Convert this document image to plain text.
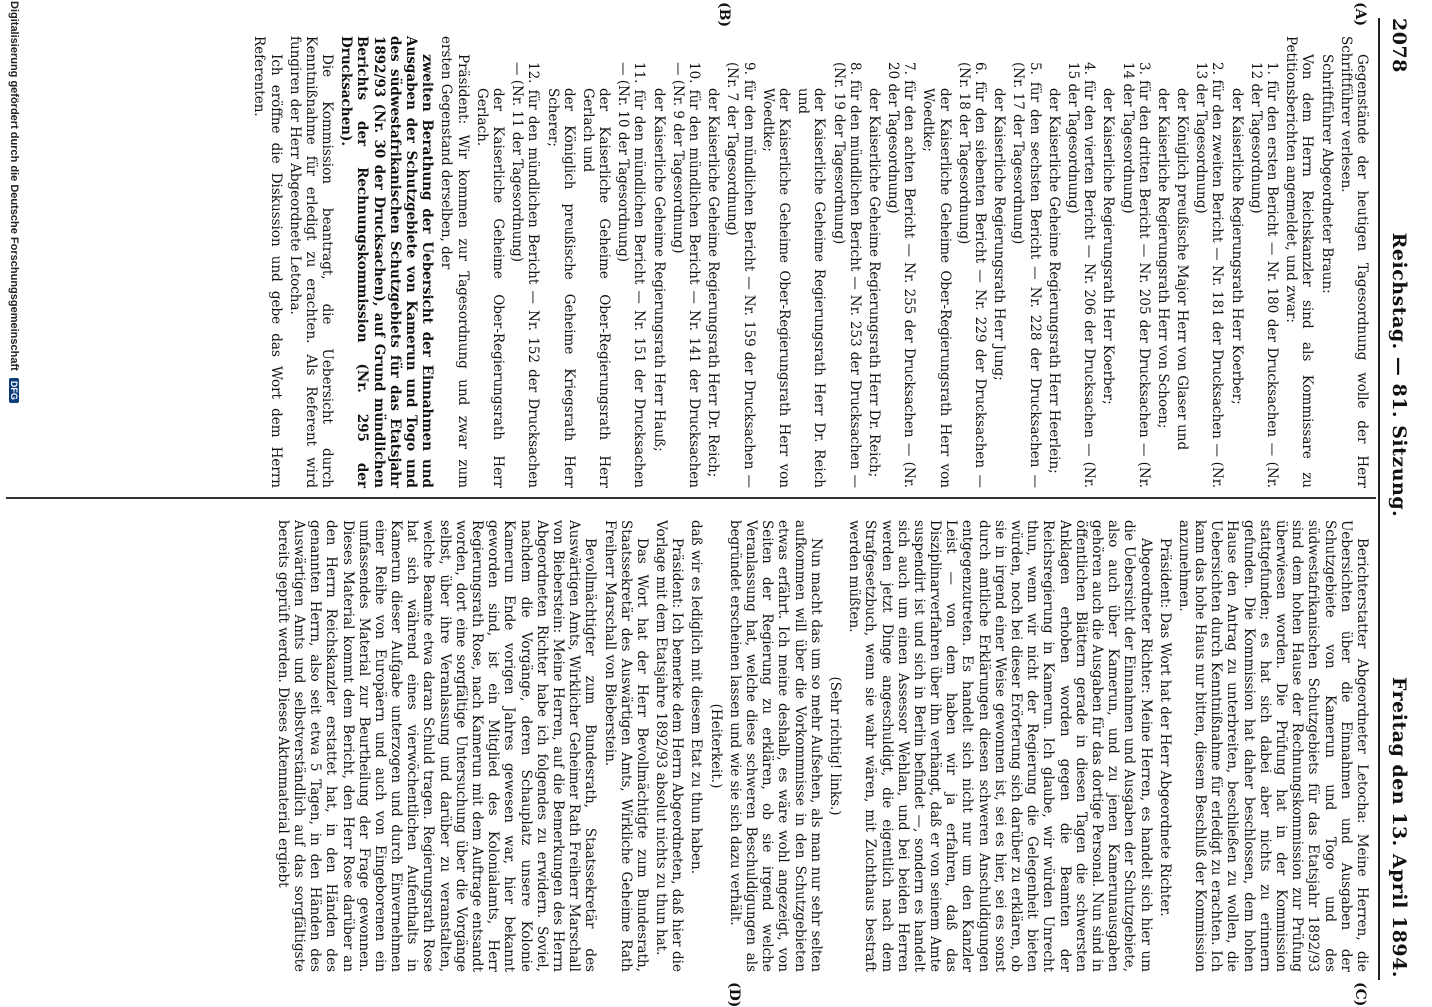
2078
Reichstag. — 81. Sitzung.
Freitag den 13. April 1894.
(A)
(B)
(C)
(D)

Gegenstände der heutigen Tagesordnung wolle der Herr Schriftführer verlesen.

Schriftführer Abgeordneter Braun:

Von dem Herrn Reichskanzler sind als Kommissare zu Petitionsberichten angemeldet, und zwar:

1. für den ersten Bericht — Nr. 180 der Drucksachen — (Nr. 12 der Tagesordnung)

der Kaiserliche Regierungsrath Herr Koerber;

2. für den zweiten Bericht — Nr. 181 der Drucksachen — (Nr. 13 der Tagesordnung)

der Königlich preußische Major Herr von Glaser und

der Kaiserliche Regierungsrath Herr von Schoen;

3. für den dritten Bericht — Nr. 205 der Drucksachen — (Nr. 14 der Tagesordnung)

der Kaiserliche Regierungsrath Herr Koerber;

4. für den vierten Bericht — Nr. 206 der Drucksachen — (Nr. 15 der Tagesordnung)

der Kaiserliche Geheime Regierungsrath Herr Heerlein;

5. für den sechsten Bericht — Nr. 228 der Drucksachen — (Nr. 17 der Tagesordnung)

der Kaiserliche Regierungsrath Herr Jung;

6. für den siebenten Bericht — Nr. 229 der Drucksachen — (Nr. 18 der Tagesordnung)

der Kaiserliche Geheime Ober-Regierungsrath Herr von Woedtke;

7. für den achten Bericht — Nr. 255 der Drucksachen — (Nr. 20 der Tagesordnung)

der Kaiserliche Geheime Regierungsrath Herr Dr. Reich;

8. für den mündlichen Bericht — Nr. 253 der Drucksachen — (Nr. 19 der Tagesordnung)

der Kaiserliche Geheime Regierungsrath Herr Dr. Reich und

der Kaiserliche Geheime Ober-Regierungsrath Herr von Woedtke;

9. für den mündlichen Bericht — Nr. 159 der Drucksachen — (Nr. 7 der Tagesordnung)

der Kaiserliche Geheime Regierungsrath Herr Dr. Reich;

10. für den mündlichen Bericht — Nr. 141 der Drucksachen — (Nr. 9 der Tagesordnung)

der Kaiserliche Geheime Regierungsrath Herr Hauß;

11. für den mündlichen Bericht — Nr. 151 der Drucksachen — (Nr. 10 der Tagesordnung)

der Kaiserliche Geheime Ober-Regierungsrath Herr Gerlach und

der Königlich preußische Geheime Kriegsrath Herr Scherer;

12. für den mündlichen Bericht — Nr. 152 der Drucksachen — (Nr. 11 der Tagesordnung)

der Kaiserliche Geheime Ober-Regierungsrath Herr Gerlach.

Präsident: Wir kommen zur Tagesordnung und zwar zum ersten Gegenstand derselben, der

zweiten Berathung der Uebersicht der Einnahmen und Ausgaben der Schutzgebiete von Kamerun und Togo und des südwestafrikanischen Schutzgebiets für das Etatsjahr 1892/93 (Nr. 30 der Drucksachen), auf Grund mündlichen Berichts der Rechnungskommission (Nr. 295 der Drucksachen).

Die Kommission beantragt, die Uebersicht durch Kenntnißnahme für erledigt zu erachten. Als Referent wird fungiren der Herr Abgeordnete Letocha.

Ich eröffne die Diskussion und gebe das Wort dem Herrn Referenten.

Berichterstatter Abgeordneter Letocha: Meine Herren, die Uebersichten über die Einnahmen und Ausgaben der Schutzgebiete von Kamerun und Togo und des südwestafrikanischen Schutzgebiets für das Etatsjahr 1892/93 sind dem hohen Hause der Rechnungskommission zur Prüfung überwiesen worden. Die Prüfung hat in der Kommission stattgefunden; es hat sich dabei aber nichts zu erinnern gefunden. Die Kommission hat daher beschlossen, dem hohen Hause den Antrag zu unterbreiten, beschließen zu wollen, die Uebersichten durch Kenntnißnahme für erledigt zu erachten. Ich kann das hohe Haus nur bitten, diesem Beschluß der Kommission anzunehmen.

Präsident: Das Wort hat der Herr Abgeordnete Richter.

Abgeordneter Richter: Meine Herren, es handelt sich hier um die Uebersicht der Einnahmen und Ausgaben der Schutzgebiete, also auch über Kamerun, und zu jenen Kamerunausgaben gehören auch die Ausgaben für das dortige Personal. Nun sind in öffentlichen Blättern gerade in diesen Tagen die schwersten Anklagen erhoben worden gegen die Beamten der Reichsregierung in Kamerun. Ich glaube, wir würden Unrecht thun, wenn wir nicht der Regierung die Gelegenheit bieten würden, noch bei dieser Erörterung sich darüber zu erklären, ob sie in irgend einer Weise gewonnen ist, sei es hier, sei es sonst durch amtliche Erklärungen diesen schweren Anschuldigungen entgegenzutreten. Es handelt sich nicht nur um den Kanzler Leist — von dem haben wir ja erfahren, daß das Disziplinarverfahren über ihn verhängt, daß er von seinem Amte suspendirt ist und sich in Berlin befindet —, sondern es handelt sich auch um einen Assessor Wehlan, und bei beiden Herren werden jetzt Dinge angeschuldigt, die eigentlich nach dem Strafgesetzbuch, wenn sie wahr wären, mit Zuchthaus bestraft werden müßten.

(Sehr richtig! links.)

Nun macht das um so mehr Aufsehen, als man nur sehr selten aufkommen will über die Vorkommnisse in den Schutzgebieten etwas erfährt. Ich meine deshalb, es wäre wohl angezeigt, von Seiten der Regierung zu erklären, ob sie irgend welche Veranlassung hat, welche diese schweren Beschuldigungen als begründet erscheinen lassen und wie sie sich dazu verhält.

(Heiterkeit.)

daß wir es lediglich mit diesem Etat zu thun haben.

Präsident: Ich bemerke dem Herrn Abgeordneten, daß hier die Vorlage mit dem Etatsjahre 1892/93 absolut nichts zu thun hat.

Das Wort hat der Herr Bevollmächtigte zum Bundesrath, Staatssekretär des Auswärtigen Amts, Wirkliche Geheime Rath Freiherr Marschall von Bieberstein.

Bevollmächtigter zum Bundesrath, Staatssekretär des Auswärtigen Amts, Wirklicher Geheimer Rath Freiherr Marschall von Bieberstein: Meine Herren, auf die Bemerkungen des Herrn Abgeordneten Richter habe ich folgendes zu erwidern. Soviel, nachdem die Vorgänge, deren Schauplatz unsere Kolonie Kamerun Ende vorigen Jahres gewesen war, hier bekannt geworden sind, ist ein Mitglied des Kolonialamts, Herr Regierungsrath Rose, nach Kamerun mit dem Auftrage entsandt worden, dort eine sorgfältige Untersuchung über die Vorgänge selbst, über ihre Veranlassung und darüber zu veranstalten, welche Beamte etwa daran Schuld tragen. Regierungsrath Rose hat sich während eines vierwöchentlichen Aufenthalts in Kamerun dieser Aufgabe unterzogen und durch Einvernehmen einer Reihe von Europäern und auch von Eingeborenen ein umfassendes Material zur Beurtheilung der Frage gewonnen. Dieses Material kommt dem Bericht, den Herr Rose darüber an den Herrn Reichskanzler erstattet hat, in den Händen des genannten Herrn, also seit etwa 5 Tagen, in den Händen des Auswärtigen Amts und selbstverständlich auf das sorgfältigste bereits geprüft werden. Dieses Aktenmaterial ergiebt

Digitalisierung gefördert durch die Deutsche Forschungsgemeinschaft DFG
